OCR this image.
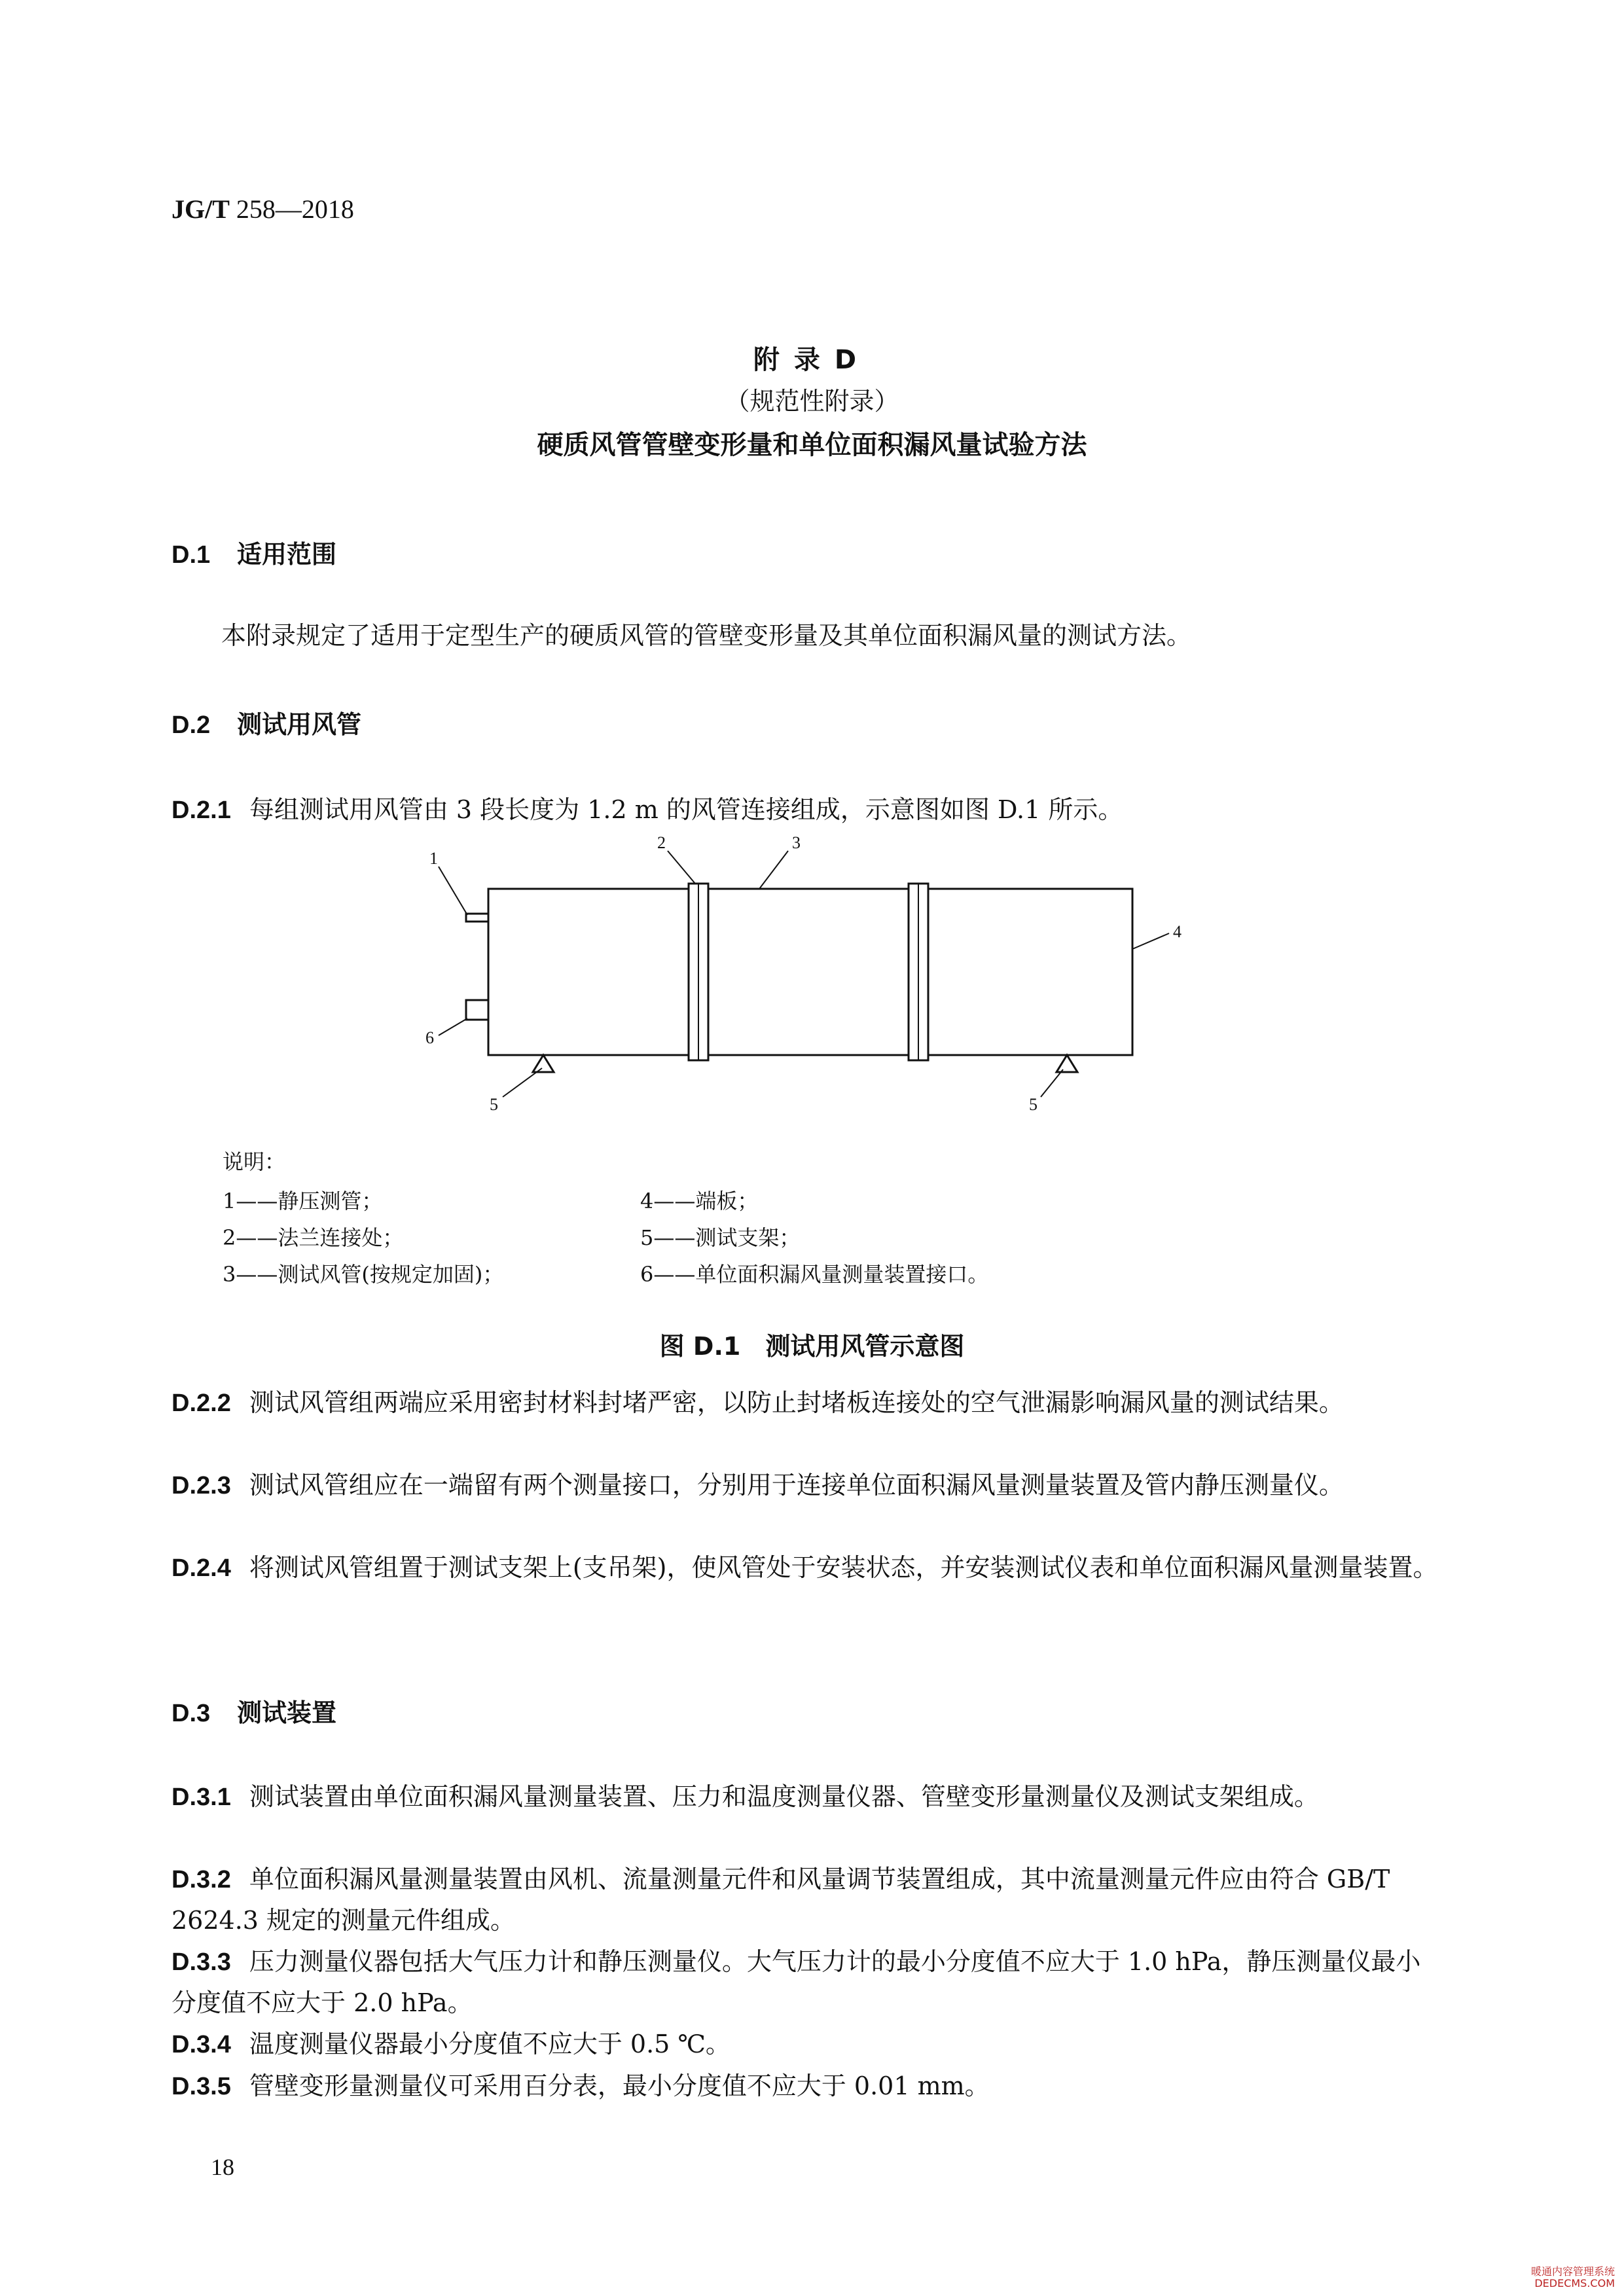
JG/T 258—2018
附录D
（规范性附录）
硬质风管管壁变形量和单位面积漏风量试验方法
D.1 适用范围
本附录规定了适用于定型生产的硬质风管的管壁变形量及其单位面积漏风量的测试方法。
D.2 测试用风管
D.2.1 每组测试用风管由 3 段长度为 1.2 m 的风管连接组成，示意图如图 D.1 所示。
1
2	3
4
5	5
6
说明：
1——静压测管；
2——法兰连接处；
3——测试风管(按规定加固)；
4——端板；
5——测试支架；
6——单位面积漏风量测量装置接口。
图 D.1　测试用风管示意图
D.2.2 测试风管组两端应采用密封材料封堵严密，以防止封堵板连接处的空气泄漏影响漏风量的测试结果。
D.2.3 测试风管组应在一端留有两个测量接口，分别用于连接单位面积漏风量测量装置及管内静压测量仪。
D.2.4 将测试风管组置于测试支架上(支吊架)，使风管处于安装状态，并安装测试仪表和单位面积漏风量测量装置。
D.3 测试装置
D.3.1 测试装置由单位面积漏风量测量装置、压力和温度测量仪器、管壁变形量测量仪及测试支架组成。
D.3.2 单位面积漏风量测量装置由风机、流量测量元件和风量调节装置组成，其中流量测量元件应由符合 GB/T 2624.3 规定的测量元件组成。
D.3.3 压力测量仪器包括大气压力计和静压测量仪。大气压力计的最小分度值不应大于 1.0 hPa，静压测量仪最小分度值不应大于 2.0 hPa。
D.3.4 温度测量仪器最小分度值不应大于 0.5 ℃。
D.3.5 管壁变形量测量仪可采用百分表，最小分度值不应大于 0.01 mm。
18
暖通内容管理系统
DEDECMS.COM
